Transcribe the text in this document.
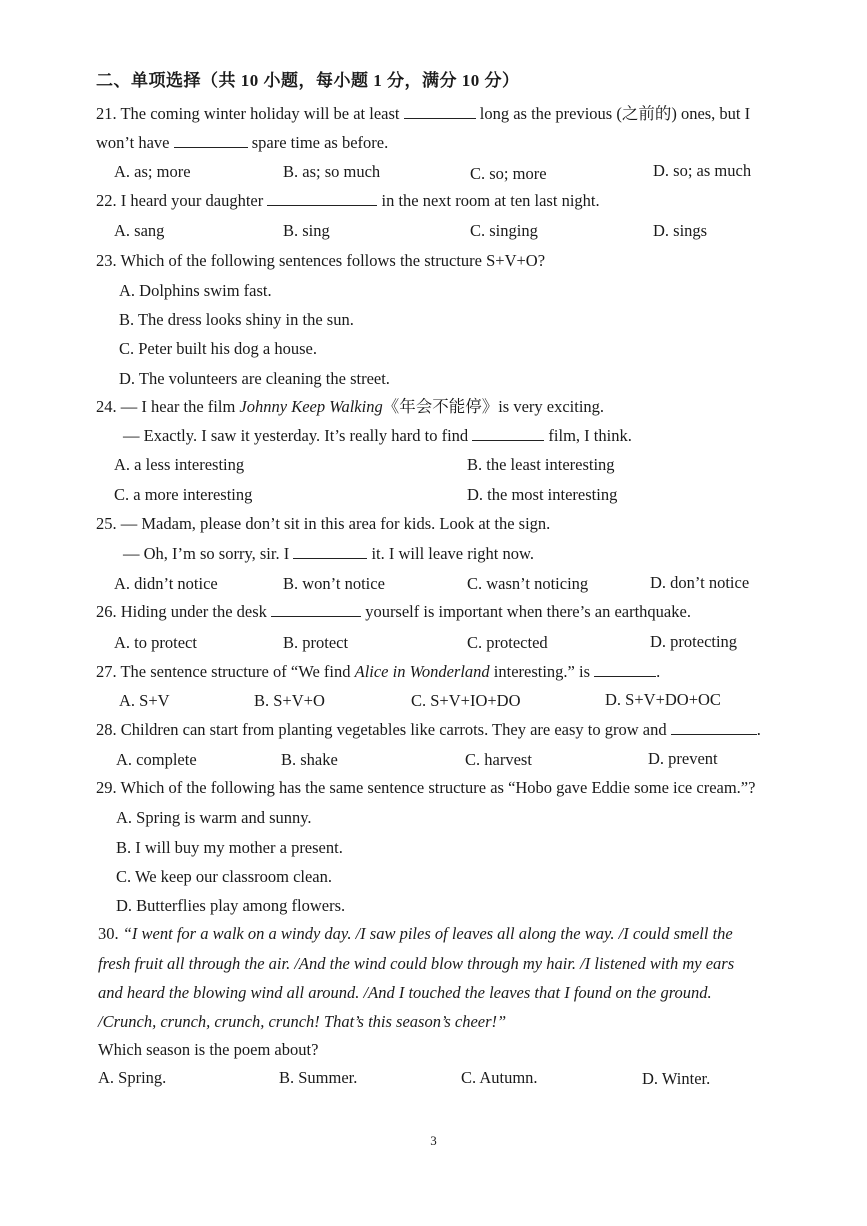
二、单项选择（共 10 小题，每小题 1 分，满分 10 分）
21. The coming winter holiday will be at least	long as the previous (之前的) ones, but I
won’t have	spare time as before.
A. as; more	B. as; so much	C. so; more	D. so; as much
22. I heard your daughter	in the next room at ten last night.
A. sang	B. sing	C. singing	D. sings
23. Which of the following sentences follows the structure S+V+O?
A. Dolphins swim fast.
B. The dress looks shiny in the sun.
C. Peter built his dog a house.
D. The volunteers are cleaning the street.
24. — I hear the film Johnny Keep Walking《年会不能停》is very exciting.
— Exactly. I saw it yesterday. It’s really hard to find	film, I think.
A. a less interesting	B. the least interesting
C. a more interesting	D. the most interesting
25. — Madam, please don’t sit in this area for kids. Look at the sign.
— Oh, I’m so sorry, sir. I	it. I will leave right now.
A. didn’t notice	B. won’t notice	C. wasn’t noticing	D. don’t notice
26. Hiding under the desk	yourself is important when there’s an earthquake.
A. to protect	B. protect	C. protected	D. protecting
27. The sentence structure of “We find Alice in Wonderland interesting.” is	.
A. S+V	B. S+V+O	C. S+V+IO+DO	D. S+V+DO+OC
28. Children can start from planting vegetables like carrots. They are easy to grow and	.
A. complete	B. shake	C. harvest	D. prevent
29. Which of the following has the same sentence structure as “Hobo gave Eddie some ice cream.”?
A. Spring is warm and sunny.
B. I will buy my mother a present.
C. We keep our classroom clean.
D. Butterflies play among flowers.
30. “I went for a walk on a windy day. /I saw piles of leaves all along the way. /I could smell the
fresh fruit all through the air. /And the wind could blow through my hair. /I listened with my ears
and heard the blowing wind all around. /And I touched the leaves that I found on the ground.
/Crunch, crunch, crunch, crunch! That’s this season’s cheer!”
Which season is the poem about?
A. Spring.	B. Summer.	C. Autumn.	D. Winter.
3
